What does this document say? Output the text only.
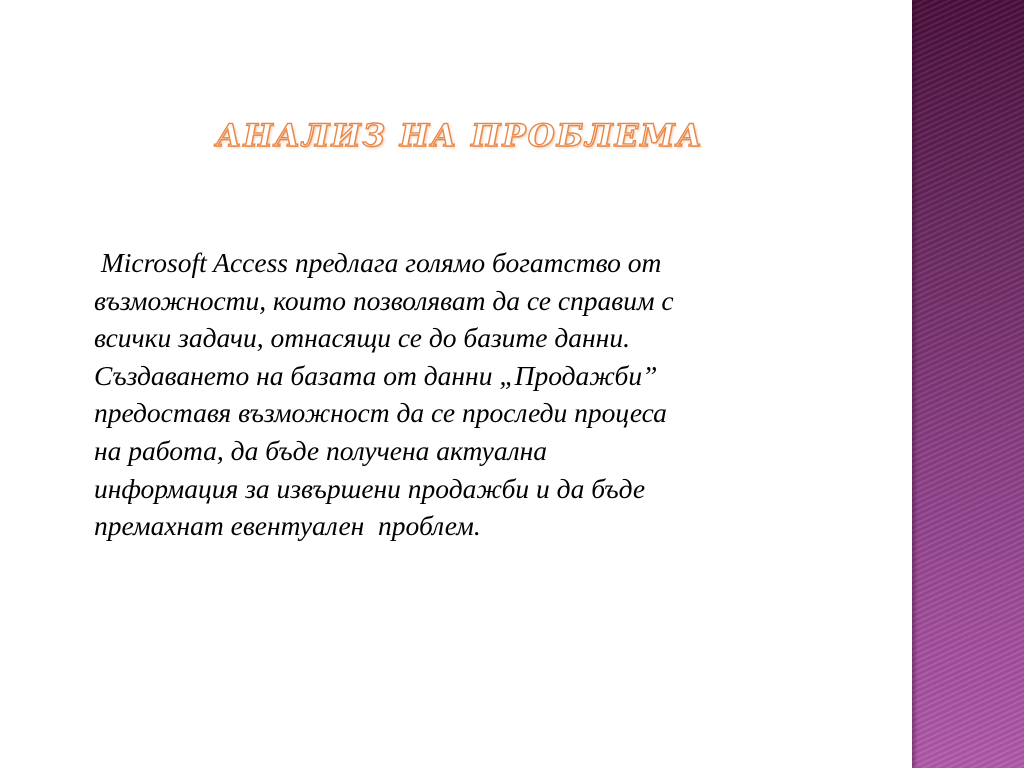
АНАЛИЗ НА ПРОБЛЕМА
Microsoft Access предлага голямо богатство от
възможности, които позволяват да се справим с
всички задачи, отнасящи се до базите данни.
Създаването на базата от данни „Продажби”
предоставя възможност да се проследи процеса
на работа, да бъде получена актуална
информация за извършени продажби и да бъде
премахнат евентуален  проблем.
